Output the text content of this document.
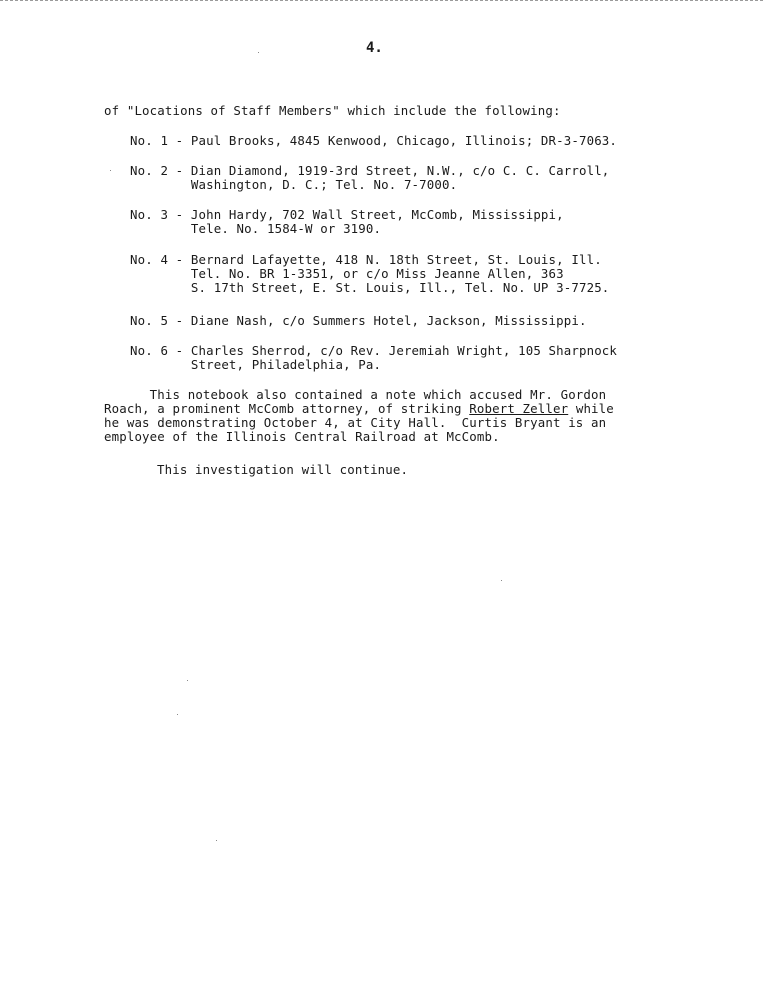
4.
of "Locations of Staff Members" which include the following:
No. 1 - Paul Brooks, 4845 Kenwood, Chicago, Illinois; DR-3-7063.
No. 2 - Dian Diamond, 1919-3rd Street, N.W., c/o C. C. Carroll,
Washington, D. C.; Tel. No. 7-7000.
No. 3 - John Hardy, 702 Wall Street, McComb, Mississippi,
Tele. No. 1584-W or 3190.
No. 4 - Bernard Lafayette, 418 N. 18th Street, St. Louis, Ill.
Tel. No. BR 1-3351, or c/o Miss Jeanne Allen, 363
S. 17th Street, E. St. Louis, Ill., Tel. No. UP 3-7725.
No. 5 - Diane Nash, c/o Summers Hotel, Jackson, Mississippi.
No. 6 - Charles Sherrod, c/o Rev. Jeremiah Wright, 105 Sharpnock
Street, Philadelphia, Pa.
This notebook also contained a note which accused Mr. Gordon
Roach, a prominent McComb attorney, of striking Robert Zeller while
he was demonstrating October 4, at City Hall.  Curtis Bryant is an
employee of the Illinois Central Railroad at McComb.
This investigation will continue.
